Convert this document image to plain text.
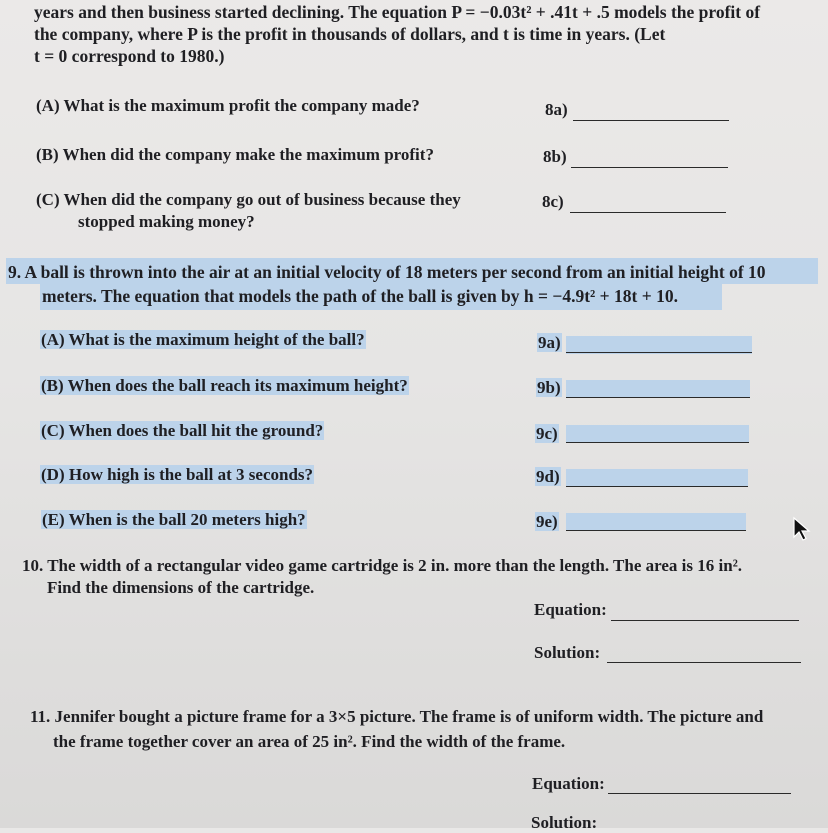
years and then business started declining. The equation P = −0.03t² + .41t + .5 models the profit of
the company, where P is the profit in thousands of dollars, and t is time in years. (Let
t = 0 correspond to 1980.)
(A) What is the maximum profit the company made?	8a)
(B) When did the company make the maximum profit?	8b)
(C) When did the company go out of business because they
stopped making money?
8c)
9. A ball is thrown into the air at an initial velocity of 18 meters per second from an initial height of 10
meters. The equation that models the path of the ball is given by h = −4.9t² + 18t + 10.
(A) What is the maximum height of the ball?	9a)
(B) When does the ball reach its maximum height?	9b)
(C) When does the ball hit the ground?	9c)
(D) How high is the ball at 3 seconds?	9d)
(E) When is the ball 20 meters high?	9e)
10. The width of a rectangular video game cartridge is 2 in. more than the length. The area is 16 in².
Find the dimensions of the cartridge.
Equation:
Solution:
11. Jennifer bought a picture frame for a 3×5 picture. The frame is of uniform width. The picture and
the frame together cover an area of 25 in². Find the width of the frame.
Equation:
Solution:
